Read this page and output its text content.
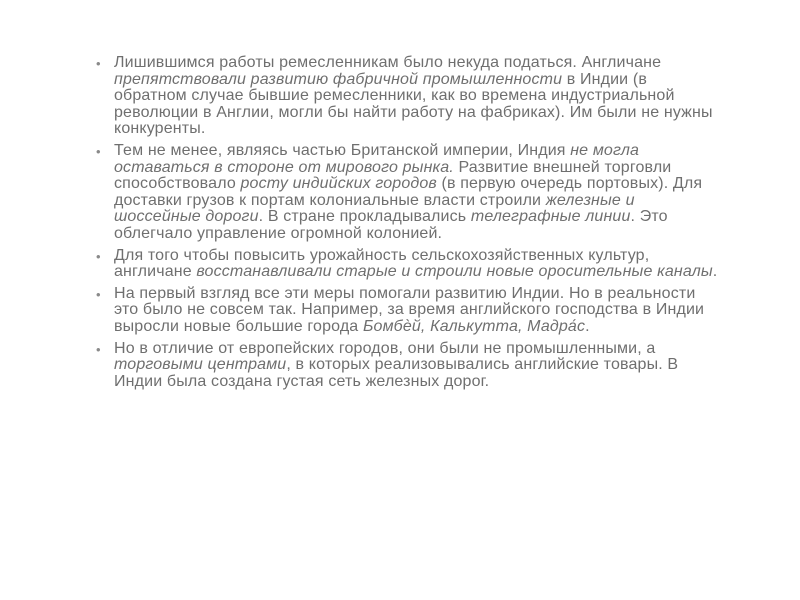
• Лишившимся работы ремесленникам было некуда податься. Англичане препятствовали развитию фабричной промышленности в Индии (в обратном случае бывшие ремесленники, как во времена индустриальной революции в Англии, могли бы найти работу на фабриках). Им были не нужны конкуренты.
• Тем не менее, являясь частью Британской империи, Индия не могла оставаться в стороне от мирового рынка. Развитие внешней торговли способствовало росту индийских городов (в первую очередь портовых). Для доставки грузов к портам колониальные власти строили железные и шоссейные дороги. В стране прокладывались телеграфные линии. Это облегчало управление огромной колонией.
• Для того чтобы повысить урожайность сельскохозяйственных культур, англичане восстанавливали старые и строили новые оросительные каналы.
• На первый взгляд все эти меры помогали развитию Индии. Но в реальности это было не совсем так. Например, за время английского господства в Индии выросли новые большие города Бомбѐй, Калькутта, Мадра́с.
• Но в отличие от европейских городов, они были не промышленными, а торговыми центрами, в которых реализовывались английские товары. В Индии была создана густая сеть железных дорог.
